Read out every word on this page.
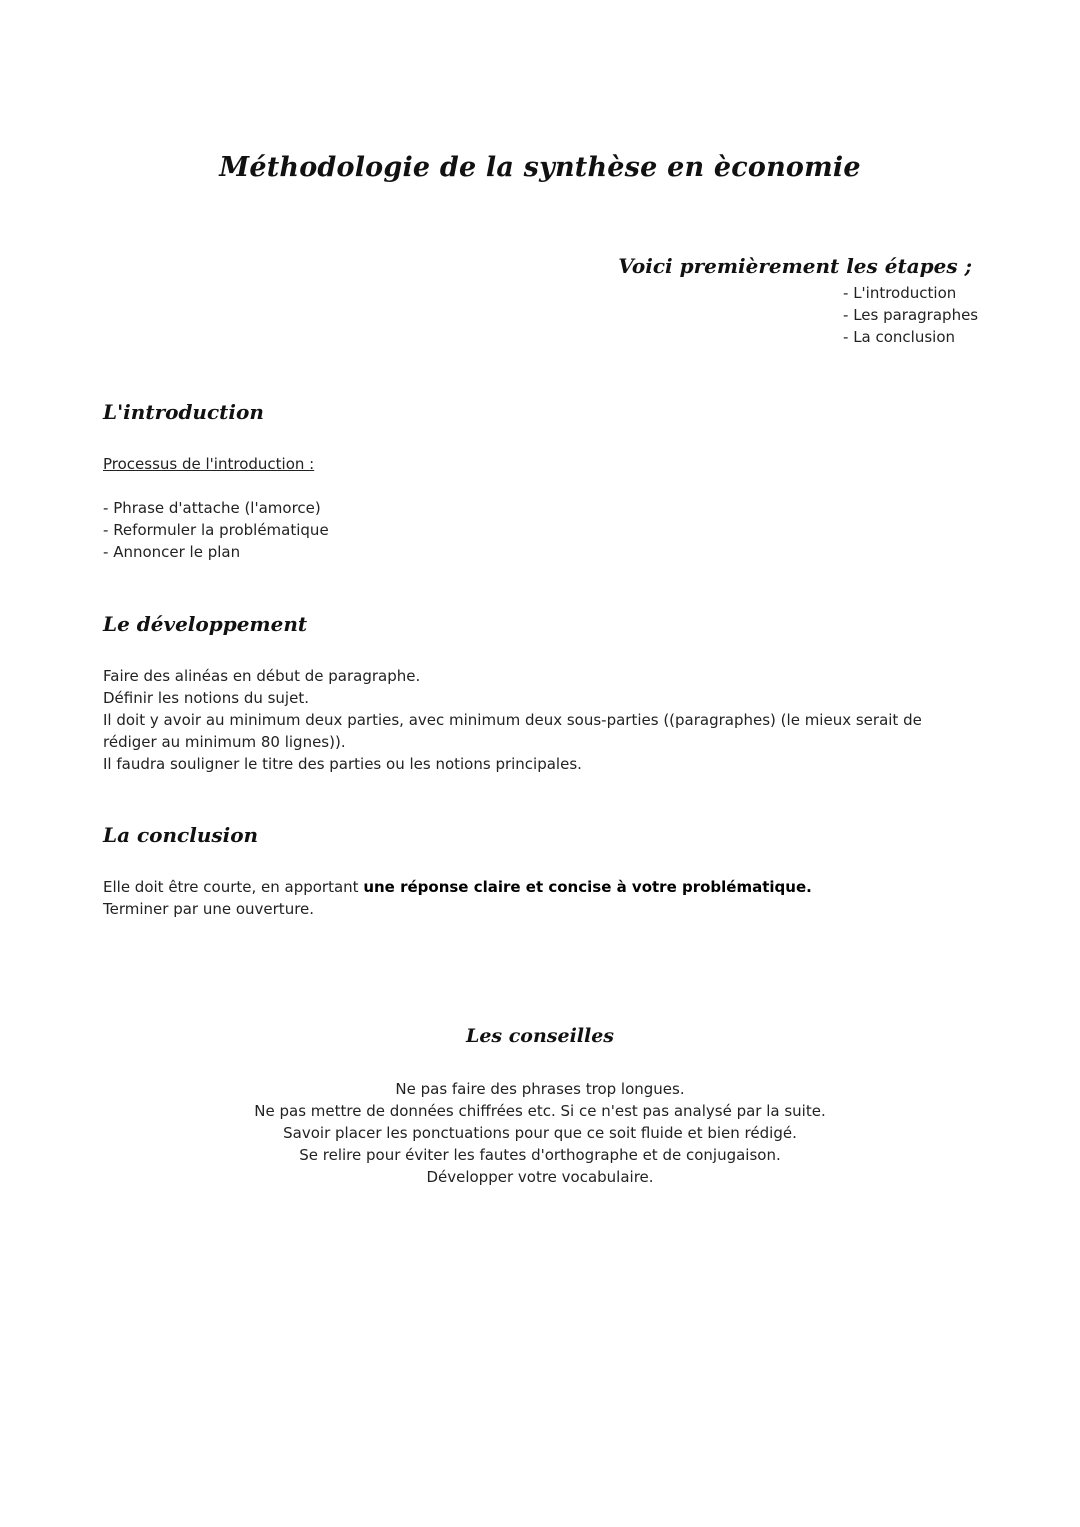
Méthodologie de la synthèse en èconomie
Voici premièrement les étapes ;
- L'introduction
- Les paragraphes
- La conclusion
L'introduction
Processus de l'introduction :
- Phrase d'attache (l'amorce)
- Reformuler la problématique
- Annoncer le plan
Le développement

Faire des alinéas en début de paragraphe.

Définir les notions du sujet.

Il doit y avoir au minimum deux parties, avec minimum deux sous-parties ((paragraphes) (le mieux serait de rédiger au minimum 80 lignes)).

Il faudra souligner le titre des parties ou les notions principales.

La conclusion

Elle doit être courte, en apportant une réponse claire et concise à votre problématique.

Terminer par une ouverture.

Les conseilles
Ne pas faire des phrases trop longues.
Ne pas mettre de données chiffrées etc. Si ce n'est pas analysé par la suite.
Savoir placer les ponctuations pour que ce soit fluide et bien rédigé.
Se relire pour éviter les fautes d'orthographe et de conjugaison.
Développer votre vocabulaire.
